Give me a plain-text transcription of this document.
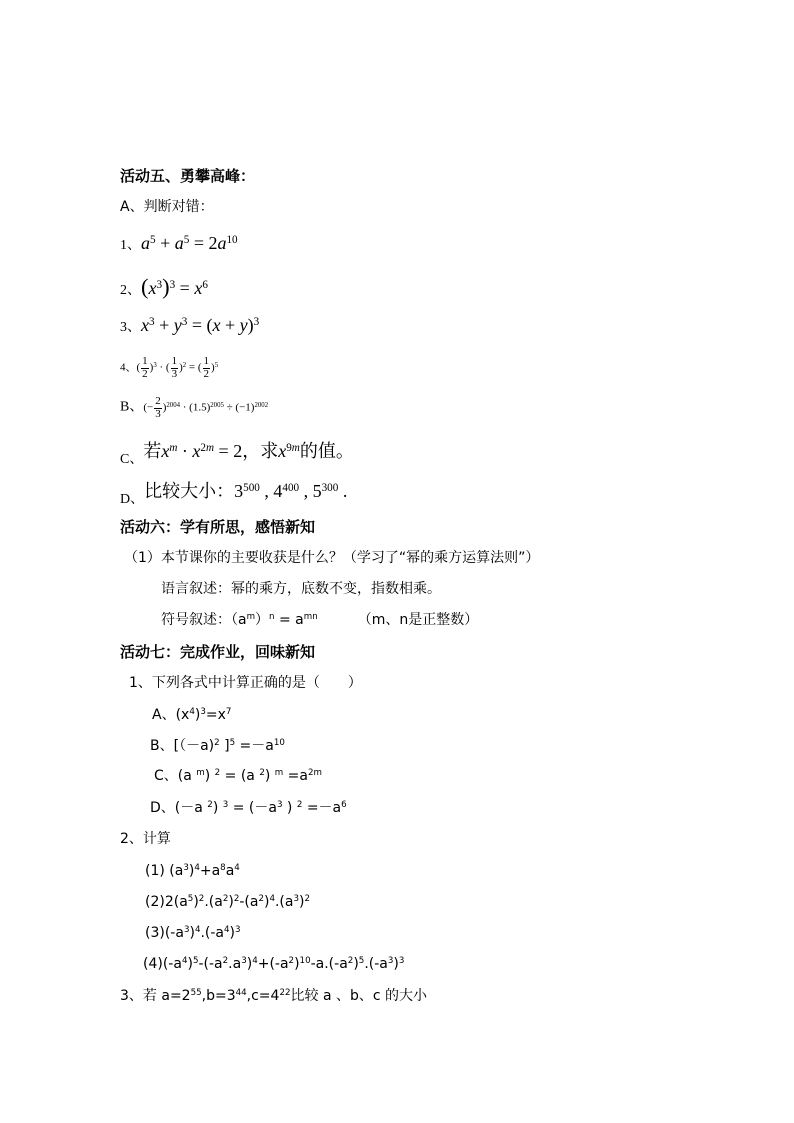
活动五、勇攀高峰：
A、判断对错：
1、$a^5 + a^5 = 2a^{10}$
2、$(x^3)^3 = x^6$
3、$x^3 + y^3 = (x + y)^3$
4、( $\frac{1}{2} )^3$ · ( $\frac{1}{3} )^2$ = ( $\frac{1}{2} )^5$
B、(− $\frac{2}{3} )^{2004} \cdot (1.5)^{2005} \div (-1)^{2002}$
$_{C、}$若$x^m \cdot x^{2m} = 2$，求$x^{9m}$的值。
$_{D、}$比较大小：$3^{500}$ , $4^{400}$ , $5^{300}$ .
活动六：学有所思，感悟新知
（1）本节课你的主要收获是什么？（学习了“幂的乘方运算法则”）
语言叙述：幂的乘方，底数不变，指数相乘。
符号叙述：$(a^m)^n = a^{mn}$	（m、n是正整数）
活动七：完成作业，回味新知
1、下列各式中计算正确的是（　　）
A、$(x^4)^3=x^7$
B、[（－a)$^2$ ]$^5 =-a^{10}$
C、(a $^m$) $^2$ = (a $^2$) $^m =a^{2m}$
D、(－a $^2$) $^3 = (-a^3$ ) $^2 =-a^6$
2、计算
(1) $(a^3)^4+a^8a^4$
$(2)2(a^5)^2.(a^2)^2-(a^2)^4.(a^3)^2$
$(3)(-a^3)^4.(-a^4)^3$
$(4)(-a^4)^5-(-a^2.a^3)^4+(-a^2)^{10}-a.(-a^2)^5.(-a^3)^3$
3、若 $a=2^{55},b=3^{44},c=4^{22}$比较 a 、b、c 的大小
